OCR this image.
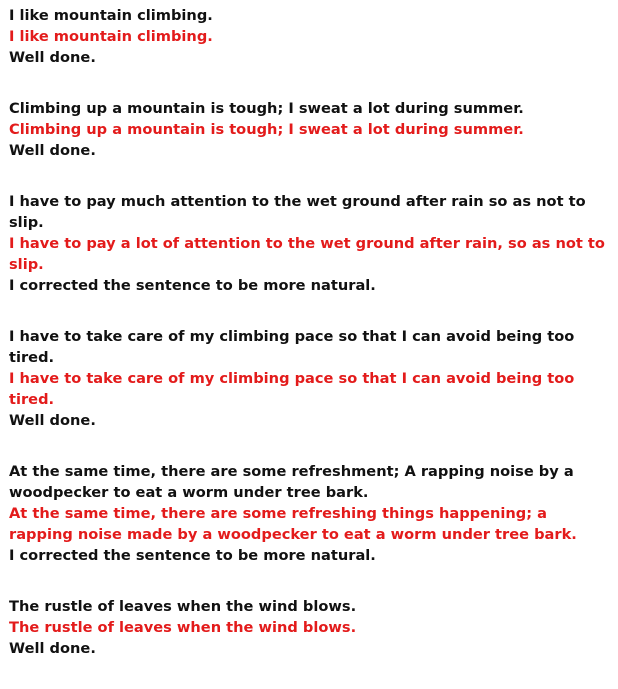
I like mountain climbing.
I like mountain climbing.
Well done.
Climbing up a mountain is tough; I sweat a lot during summer.
Climbing up a mountain is tough; I sweat a lot during summer.
Well done.
I have to pay much attention to the wet ground after rain so as not to slip.
I have to pay a lot of attention to the wet ground after rain, so as not to slip.
I corrected the sentence to be more natural.
I have to take care of my climbing pace so that I can avoid being too tired.
I have to take care of my climbing pace so that I can avoid being too tired.
Well done.
At the same time, there are some refreshment; A rapping noise by a woodpecker to eat a worm under tree bark.
At the same time, there are some refreshing things happening; a rapping noise made by a woodpecker to eat a worm under tree bark.
I corrected the sentence to be more natural.
The rustle of leaves when the wind blows.
The rustle of leaves when the wind blows.
Well done.
